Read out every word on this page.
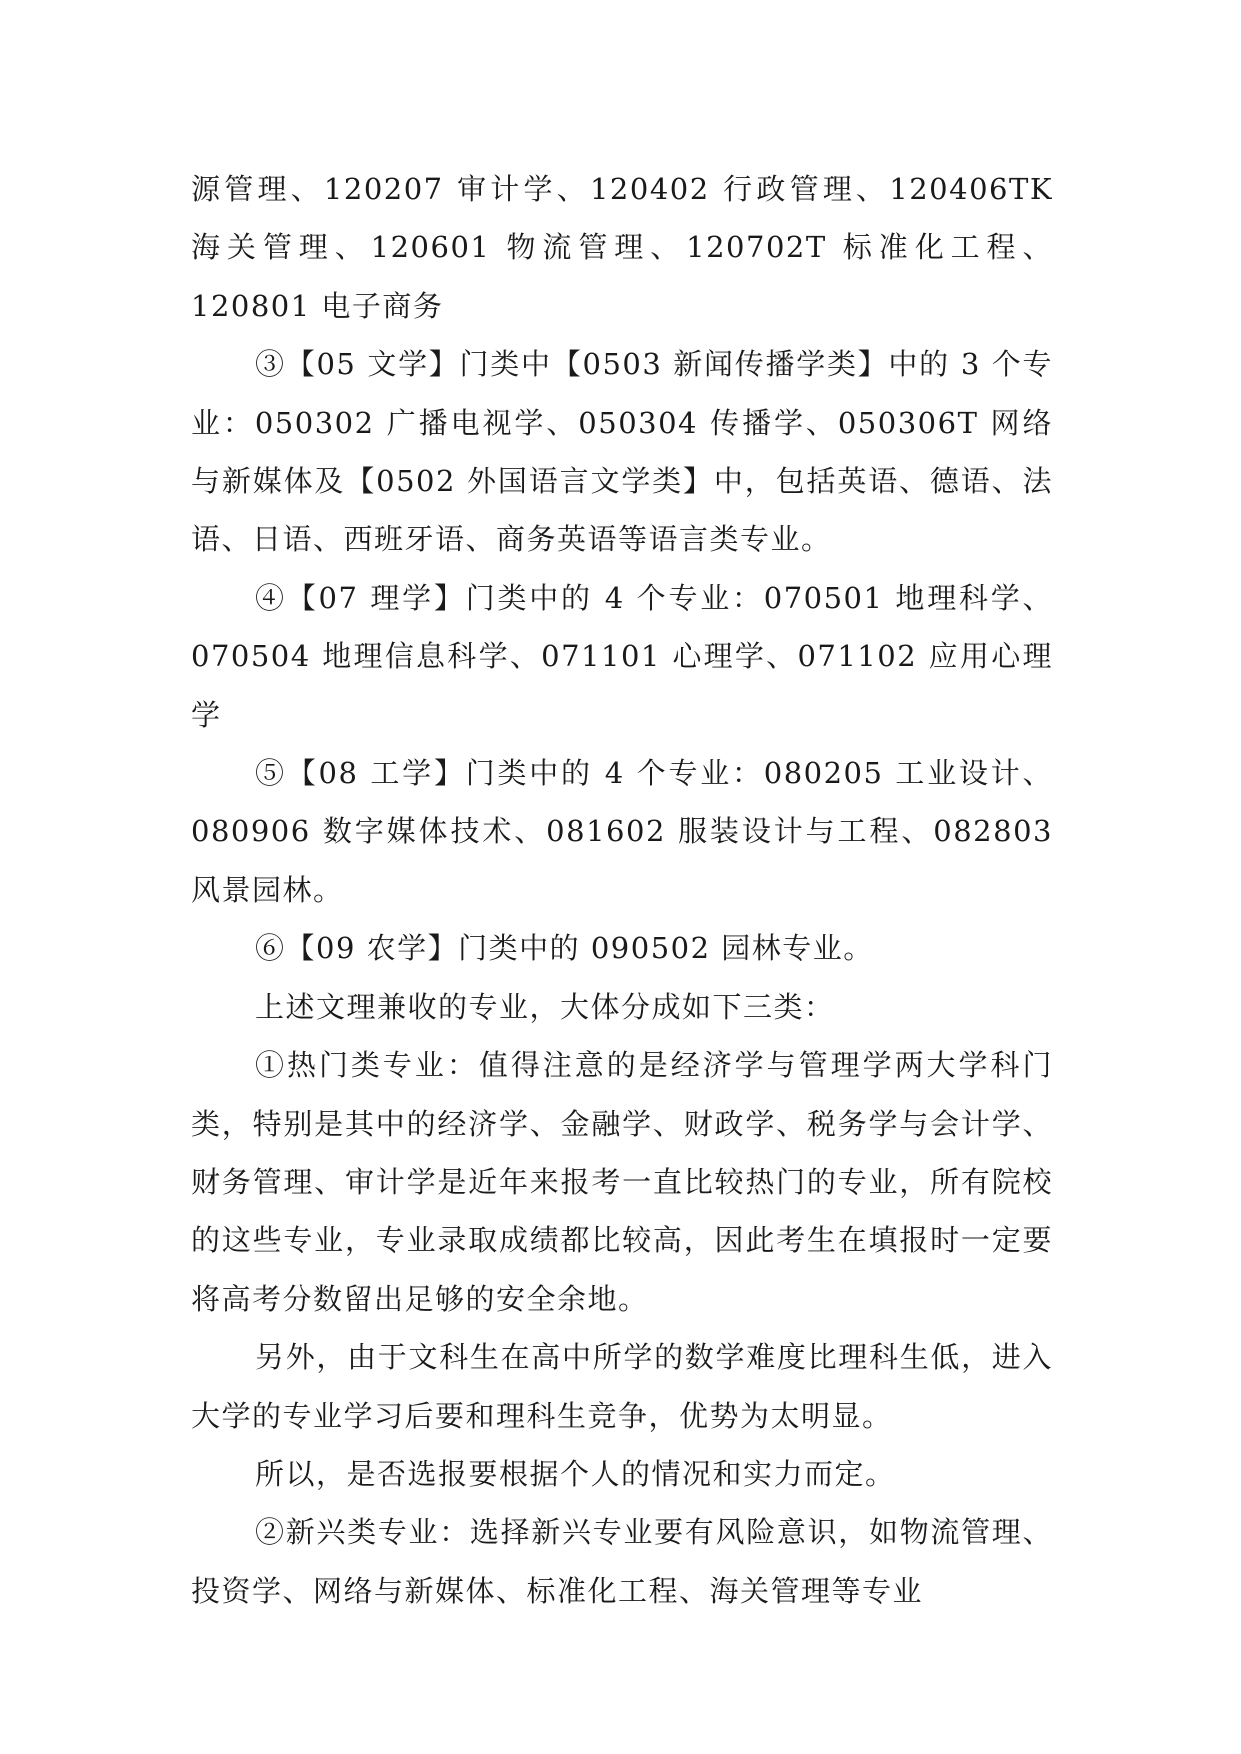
源管理、120207 审计学、120402 行政管理、120406TK 海关管理、120601 物流管理、120702T 标准化工程、120801 电子商务

③【05 文学】门类中【0503 新闻传播学类】中的 3 个专业：050302 广播电视学、050304 传播学、050306T 网络与新媒体及【0502 外国语言文学类】中，包括英语、德语、法语、日语、西班牙语、商务英语等语言类专业。

④【07 理学】门类中的 4 个专业：070501 地理科学、070504 地理信息科学、071101 心理学、071102 应用心理学

⑤【08 工学】门类中的 4 个专业：080205 工业设计、080906 数字媒体技术、081602 服装设计与工程、082803 风景园林。

⑥【09 农学】门类中的 090502 园林专业。

上述文理兼收的专业，大体分成如下三类：

①热门类专业：值得注意的是经济学与管理学两大学科门类，特别是其中的经济学、金融学、财政学、税务学与会计学、财务管理、审计学是近年来报考一直比较热门的专业，所有院校的这些专业，专业录取成绩都比较高，因此考生在填报时一定要将高考分数留出足够的安全余地。

另外，由于文科生在高中所学的数学难度比理科生低，进入大学的专业学习后要和理科生竞争，优势为太明显。

所以，是否选报要根据个人的情况和实力而定。

②新兴类专业：选择新兴专业要有风险意识，如物流管理、投资学、网络与新媒体、标准化工程、海关管理等专业
